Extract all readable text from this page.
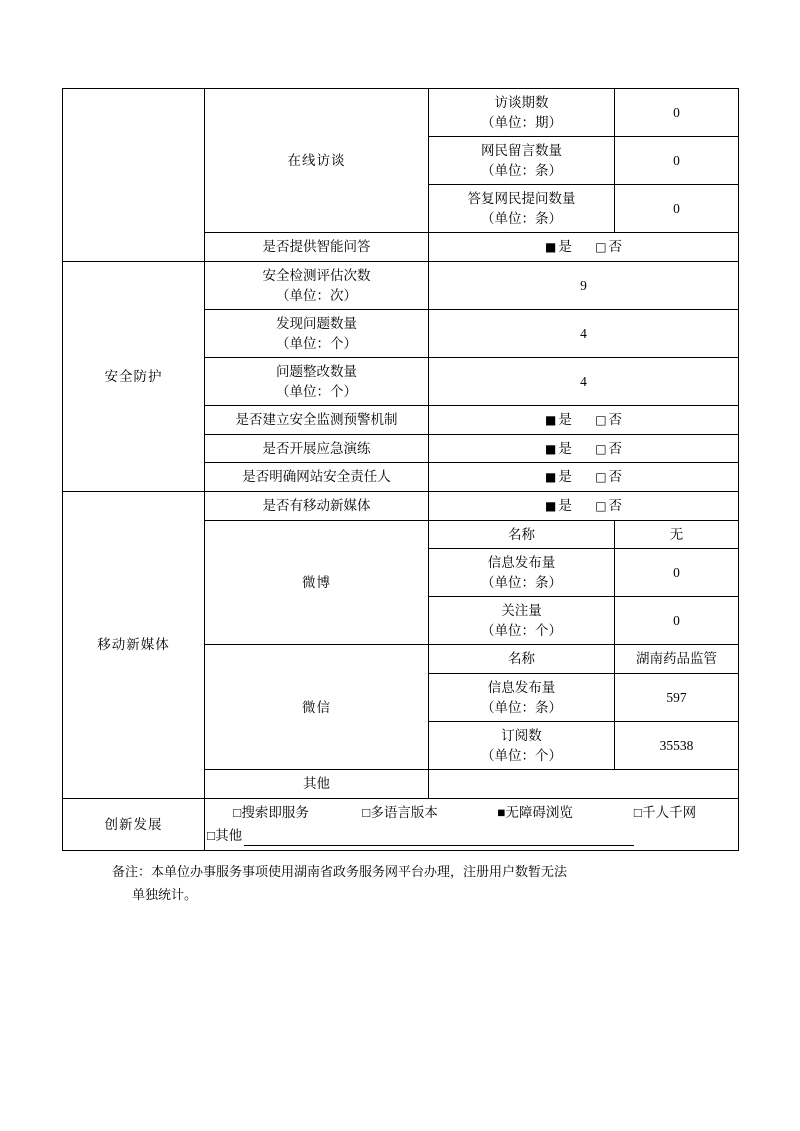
	在线访谈	访谈期数
（单位：期）	0

		网民留言数量
（单位：条）	0

		答复网民提问数量
（单位：条）	0
	是否提供智能问答	■ 是 □ 否	
安全防护	安全检测评估次数
（单位：次）	9	

	发现问题数量
（单位：个）	4	

	问题整改数量
（单位：个）	4	
	是否建立安全监测预警机制	■ 是 □ 否	
	是否开展应急演练	■ 是 □ 否	
	是否明确网站安全责任人	■ 是 □ 否	
移动新媒体	是否有移动新媒体	■ 是 □ 否	
	微博	名称	无

		信息发布量
（单位：条）	0

		关注量
（单位：个）	0
	微信	名称	湖南药品监管

		信息发布量
（单位：条）	597

		订阅数
（单位：个）	35538
	其他		
创新发展	□搜索即服务 □多语言版本 ■无障碍浏览 □千人千网
□其他		
备注：本单位办事服务事项使用湖南省政务服务网平台办理，注册用户数暂无法
单独统计。
